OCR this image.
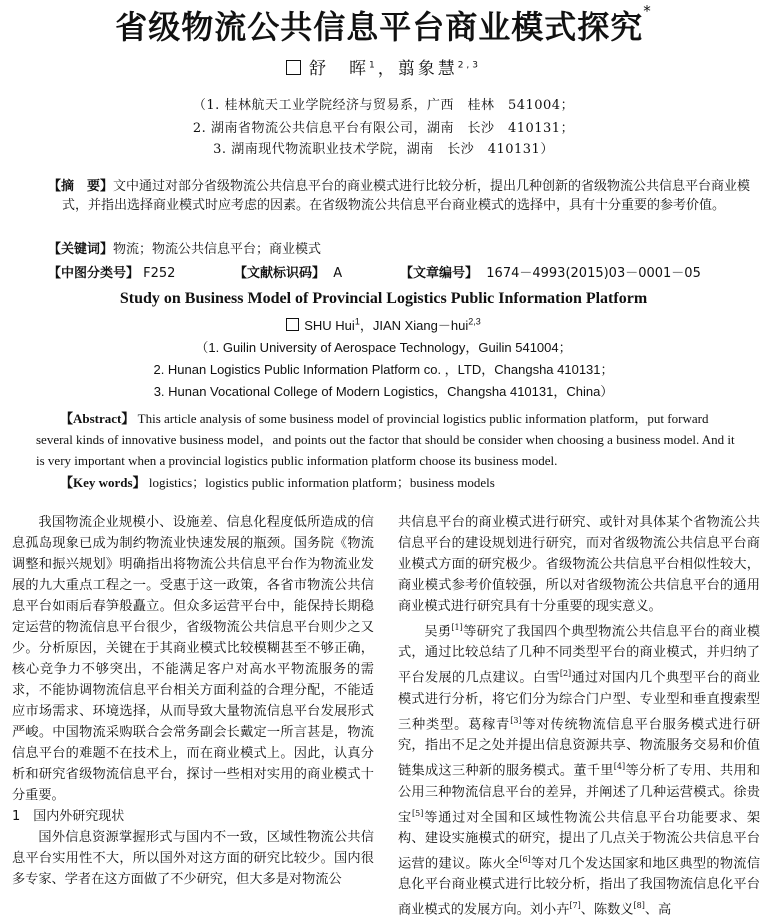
省级物流公共信息平台商业模式探究*
舒　晖$^1$，翦象慧$^{2,3}$
（1. 桂林航天工业学院经济与贸易系，广西　桂林　541004；
2. 湖南省物流公共信息平台有限公司，湖南　长沙　410131；
3. 湖南现代物流职业技术学院，湖南　长沙　410131）
【摘　要】文中通过对部分省级物流公共信息平台的商业模式进行比较分析，提出几种创新的省级物流公共信息平台商业模式，并指出选择商业模式时应考虑的因素。在省级物流公共信息平台商业模式的选择中，具有十分重要的参考价值。
【关键词】物流；物流公共信息平台；商业模式
【中图分类号】 F252	【文献标识码】 A	【文章编号】 1674－4993(2015)03－0001－05
Study on Business Model of Provincial Logistics Public Information Platform
SHU Hui$^1$，JIAN Xiang－hui$^{2,3}$
（1. Guilin University of Aerospace Technology，Guilin 541004；
2. Hunan Logistics Public Information Platform co. ，LTD，Changsha 410131；
3. Hunan Vocational College of Modern Logistics，Changsha 410131，China）
【Abstract】 This article analysis of some business model of provincial logistics public information platform，put forward several kinds of innovative business model，and points out the factor that should be consider when choosing a business model. And it is very important when a provincial logistics public information platform choose its business model.
【Key words】 logistics；logistics public information platform；business models

我国物流企业规模小、设施差、信息化程度低所造成的信息孤岛现象已成为制约物流业快速发展的瓶颈。国务院《物流调整和振兴规划》明确指出将物流公共信息平台作为物流业发展的九大重点工程之一。受惠于这一政策，各省市物流公共信息平台如雨后春笋般矗立。但众多运营平台中，能保持长期稳定运营的物流信息平台很少，省级物流公共信息平台则少之又少。分析原因，关键在于其商业模式比较模糊甚至不够正确，核心竞争力不够突出，不能满足客户对高水平物流服务的需求，不能协调物流信息平台相关方面利益的合理分配，不能适应市场需求、环境选择，从而导致大量物流信息平台发展形式严峻。中国物流采购联合会常务副会长戴定一所言甚是，物流信息平台的难题不在技术上，而在商业模式上。因此，认真分析和研究省级物流信息平台，探讨一些相对实用的商业模式十分重要。

1　国内外研究现状

国外信息资源掌握形式与国内不一致，区域性物流公共信息平台实用性不大，所以国外对这方面的研究比较少。国内很多专家、学者在这方面做了不少研究，但大多是对物流公

共信息平台的商业模式进行研究、或针对具体某个省物流公共信息平台的建设规划进行研究，而对省级物流公共信息平台商业模式方面的研究极少。省级物流公共信息平台相似性较大，商业模式参考价值较强，所以对省级物流公共信息平台的通用商业模式进行研究具有十分重要的现实意义。

吴勇[1]等研究了我国四个典型物流公共信息平台的商业模式，通过比较总结了几种不同类型平台的商业模式，并归纳了平台发展的几点建议。白雪[2]通过对国内几个典型平台的商业模式进行分析，将它们分为综合门户型、专业型和垂直搜索型三种类型。葛稼青[3]等对传统物流信息平台服务模式进行研究，指出不足之处并提出信息资源共享、物流服务交易和价值链集成这三种新的服务模式。董千里[4]等分析了专用、共用和公用三种物流信息平台的差异，并阐述了几种运营模式。徐贵宝[5]等通过对全国和区域性物流公共信息平台功能要求、架构、建设实施模式的研究，提出了几点关于物流公共信息平台运营的建议。陈火全[6]等对几个发达国家和地区典型的物流信息化平台商业模式进行比较分析，指出了我国物流信息化平台商业模式的发展方向。刘小卉[7]、陈数义[8]、高
